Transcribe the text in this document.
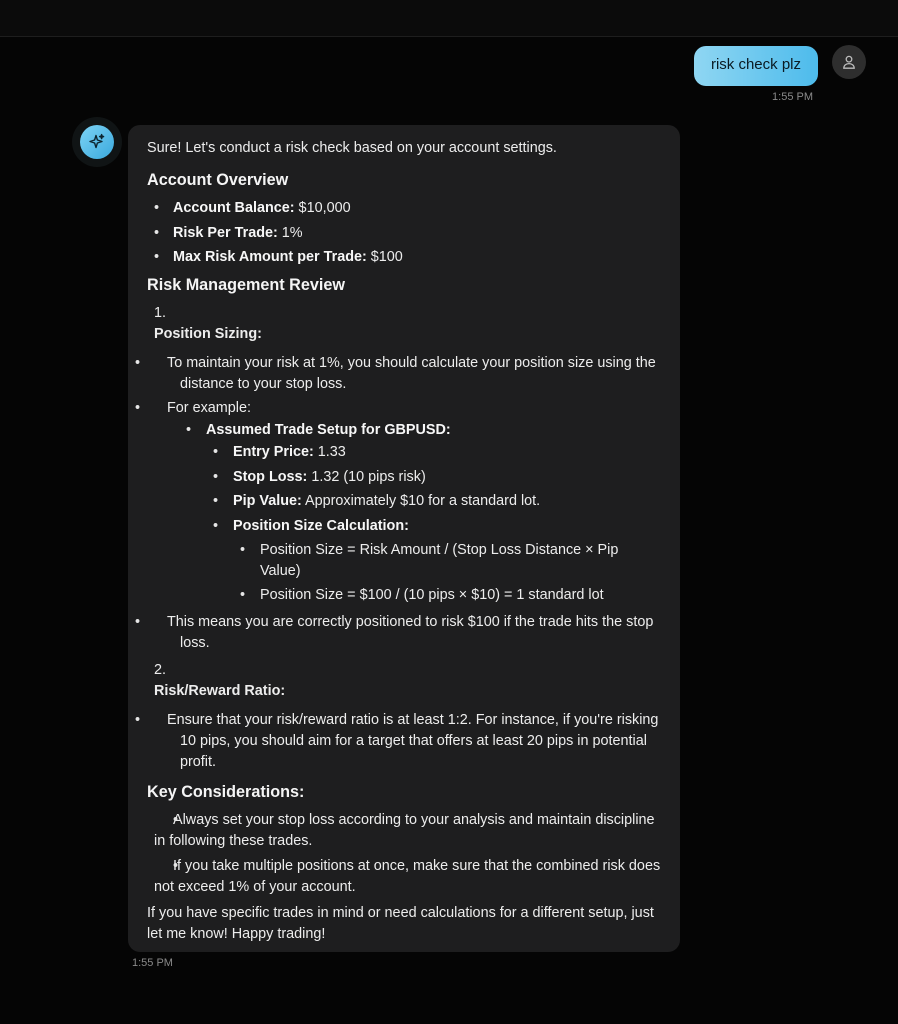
risk check plz
1:55 PM

Sure! Let's conduct a risk check based on your account settings.

Account Overview
• Account Balance: $10,000
• Risk Per Trade: 1%
• Max Risk Amount per Trade: $100
Risk Management Review
1.
Position Sizing:
• To maintain your risk at 1%, you should calculate your position size using the distance to your stop loss.
• For example:
• Assumed Trade Setup for GBPUSD:
• Entry Price: 1.33
• Stop Loss: 1.32 (10 pips risk)
• Pip Value: Approximately $10 for a standard lot.
• Position Size Calculation:
• Position Size = Risk Amount / (Stop Loss Distance × Pip Value)
• Position Size = $100 / (10 pips × $10) = 1 standard lot
• This means you are correctly positioned to risk $100 if the trade hits the stop loss.
2.
Risk/Reward Ratio:
• Ensure that your risk/reward ratio is at least 1:2. For instance, if you're risking 10 pips, you should aim for a target that offers at least 20 pips in potential profit.
Key Considerations:
• Always set your stop loss according to your analysis and maintain discipline in following these trades.
• If you take multiple positions at once, make sure that the combined risk does not exceed 1% of your account.

If you have specific trades in mind or need calculations for a different setup, just let me know! Happy trading!

1:55 PM
